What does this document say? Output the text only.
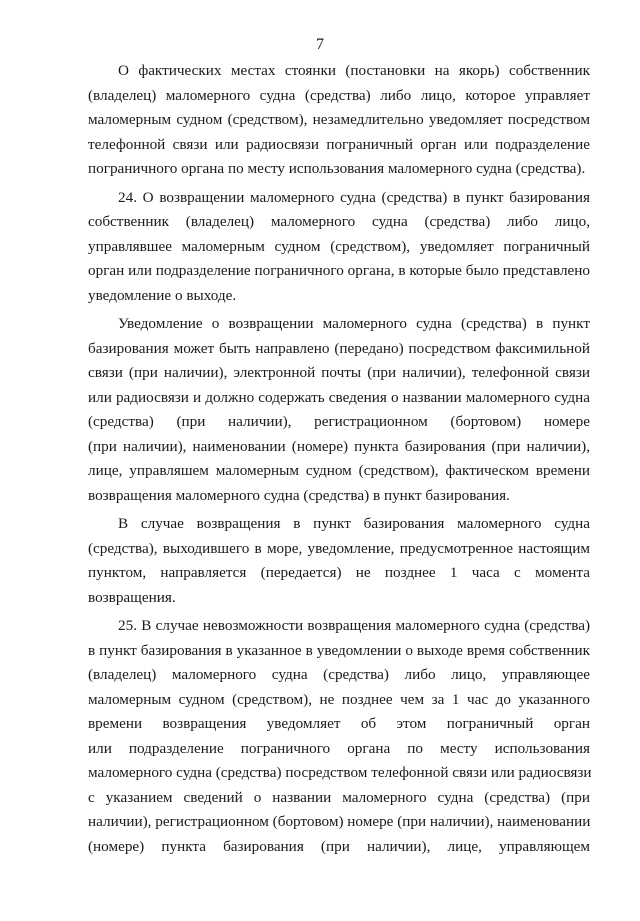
7
О фактических местах стоянки (постановки на якорь) собственник
(владелец) маломерного судна (средства) либо лицо, которое управляет
маломерным судном (средством), незамедлительно уведомляет посредством
телефонной связи или радиосвязи пограничный орган или подразделение
пограничного органа по месту использования маломерного судна (средства).
24. О возвращении маломерного судна (средства) в пункт базирования
собственник (владелец) маломерного судна (средства) либо лицо,
управлявшее маломерным судном (средством), уведомляет пограничный
орган или подразделение пограничного органа, в которые было представлено
уведомление о выходе.
Уведомление о возвращении маломерного судна (средства) в пункт
базирования может быть направлено (передано) посредством факсимильной
связи (при наличии), электронной почты (при наличии), телефонной связи
или радиосвязи и должно содержать сведения о названии маломерного судна
(средства) (при наличии), регистрационном (бортовом) номере
(при наличии), наименовании (номере) пункта базирования (при наличии),
лице, управляшем маломерным судном (средством), фактическом времени
возвращения маломерного судна (средства) в пункт базирования.
В случае возвращения в пункт базирования маломерного судна
(средства), выходившего в море, уведомление, предусмотренное настоящим
пунктом, направляется (передается) не позднее 1 часа с момента
возвращения.
25. В случае невозможности возвращения маломерного судна (средства)
в пункт базирования в указанное в уведомлении о выходе время собственник
(владелец) маломерного судна (средства) либо лицо, управляющее
маломерным судном (средством), не позднее чем за 1 час до указанного
времени возвращения уведомляет об этом пограничный орган
или подразделение пограничного органа по месту использования
маломерного судна (средства) посредством телефонной связи или радиосвязи
с указанием сведений о названии маломерного судна (средства) (при
наличии), регистрационном (бортовом) номере (при наличии), наименовании
(номере) пункта базирования (при наличии), лице, управляющем
